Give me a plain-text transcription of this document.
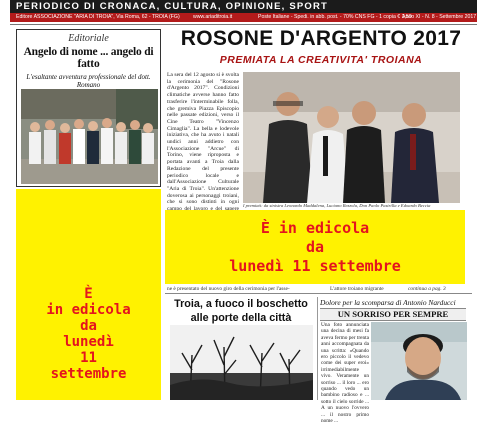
PERIODICO DI CRONACA, CULTURA, OPINIONE, SPORT
Editore ASSOCIAZIONE "ARIA DI TROIA", Via Roma, 62 - TROIA (FG)	www.ariaditroia.it	Poste Italiane - Spedi. in abb. post. - 70% CNS FG - 1 copia € 1,50
Anno XI - N. 8 - Settembre 2017
Editoriale
Angelo di nome ... angelo di fatto
L'esaltante avventura professionale del dott. Romano
È
in edicola
da
lunedì
11
settembre
ROSONE D'ARGENTO 2017
PREMIATA LA CREATIVITA' TROIANA
La sera del 12 agosto si è svolta la cerimonia del "Rosone d'Argento 2017". Condizioni climatiche avverse hanno fatto trasferire l'interminabile folla, che gremiva Piazza Episcopio nelle passate edizioni, verso il Cine Teatro "Vincenzo Cimaglia". La bella e lodevole iniziativa, che ha avuto i natali undici anni addietro con l'Associazione "Arcue" di Torino, viene riproposta e portata avanti a Troia dalla Redazione del presente periodico locale e dall'Associazione Culturale "Aria di Troia". Un'attenzione doverosa ai personaggi troiani, che si sono distinti in ogni
I premiati: da sinistra Leonardo Maddalena, Luciano Rezzola, Don Paolo Pastrilla e Edoardo Beccia
È in edicola
da
lunedì 11 settembre
ne è presentato del nuovo giro della cerimonia per l'asse-	L'attore troiano migrante	continua a pag. 3
Troia, a fuoco il boschetto
alle porte della città
Dolore per la scomparsa di Antonio Narducci
UN SORRISO PER SEMPRE
Una foto annunciata una decina di mesi fa aveva fermo per trenta anni accompagnata da una scritta: «Quando ero piccolo il vedevo come dei super eroi» irrimediabilmente vivo. Veramente un sorriso ... il loro ... ero quando vedo un bambino radioso e ... sotto il cielo sorride ... A un nuovo l'ovvero ... il nostro primo nome ...
